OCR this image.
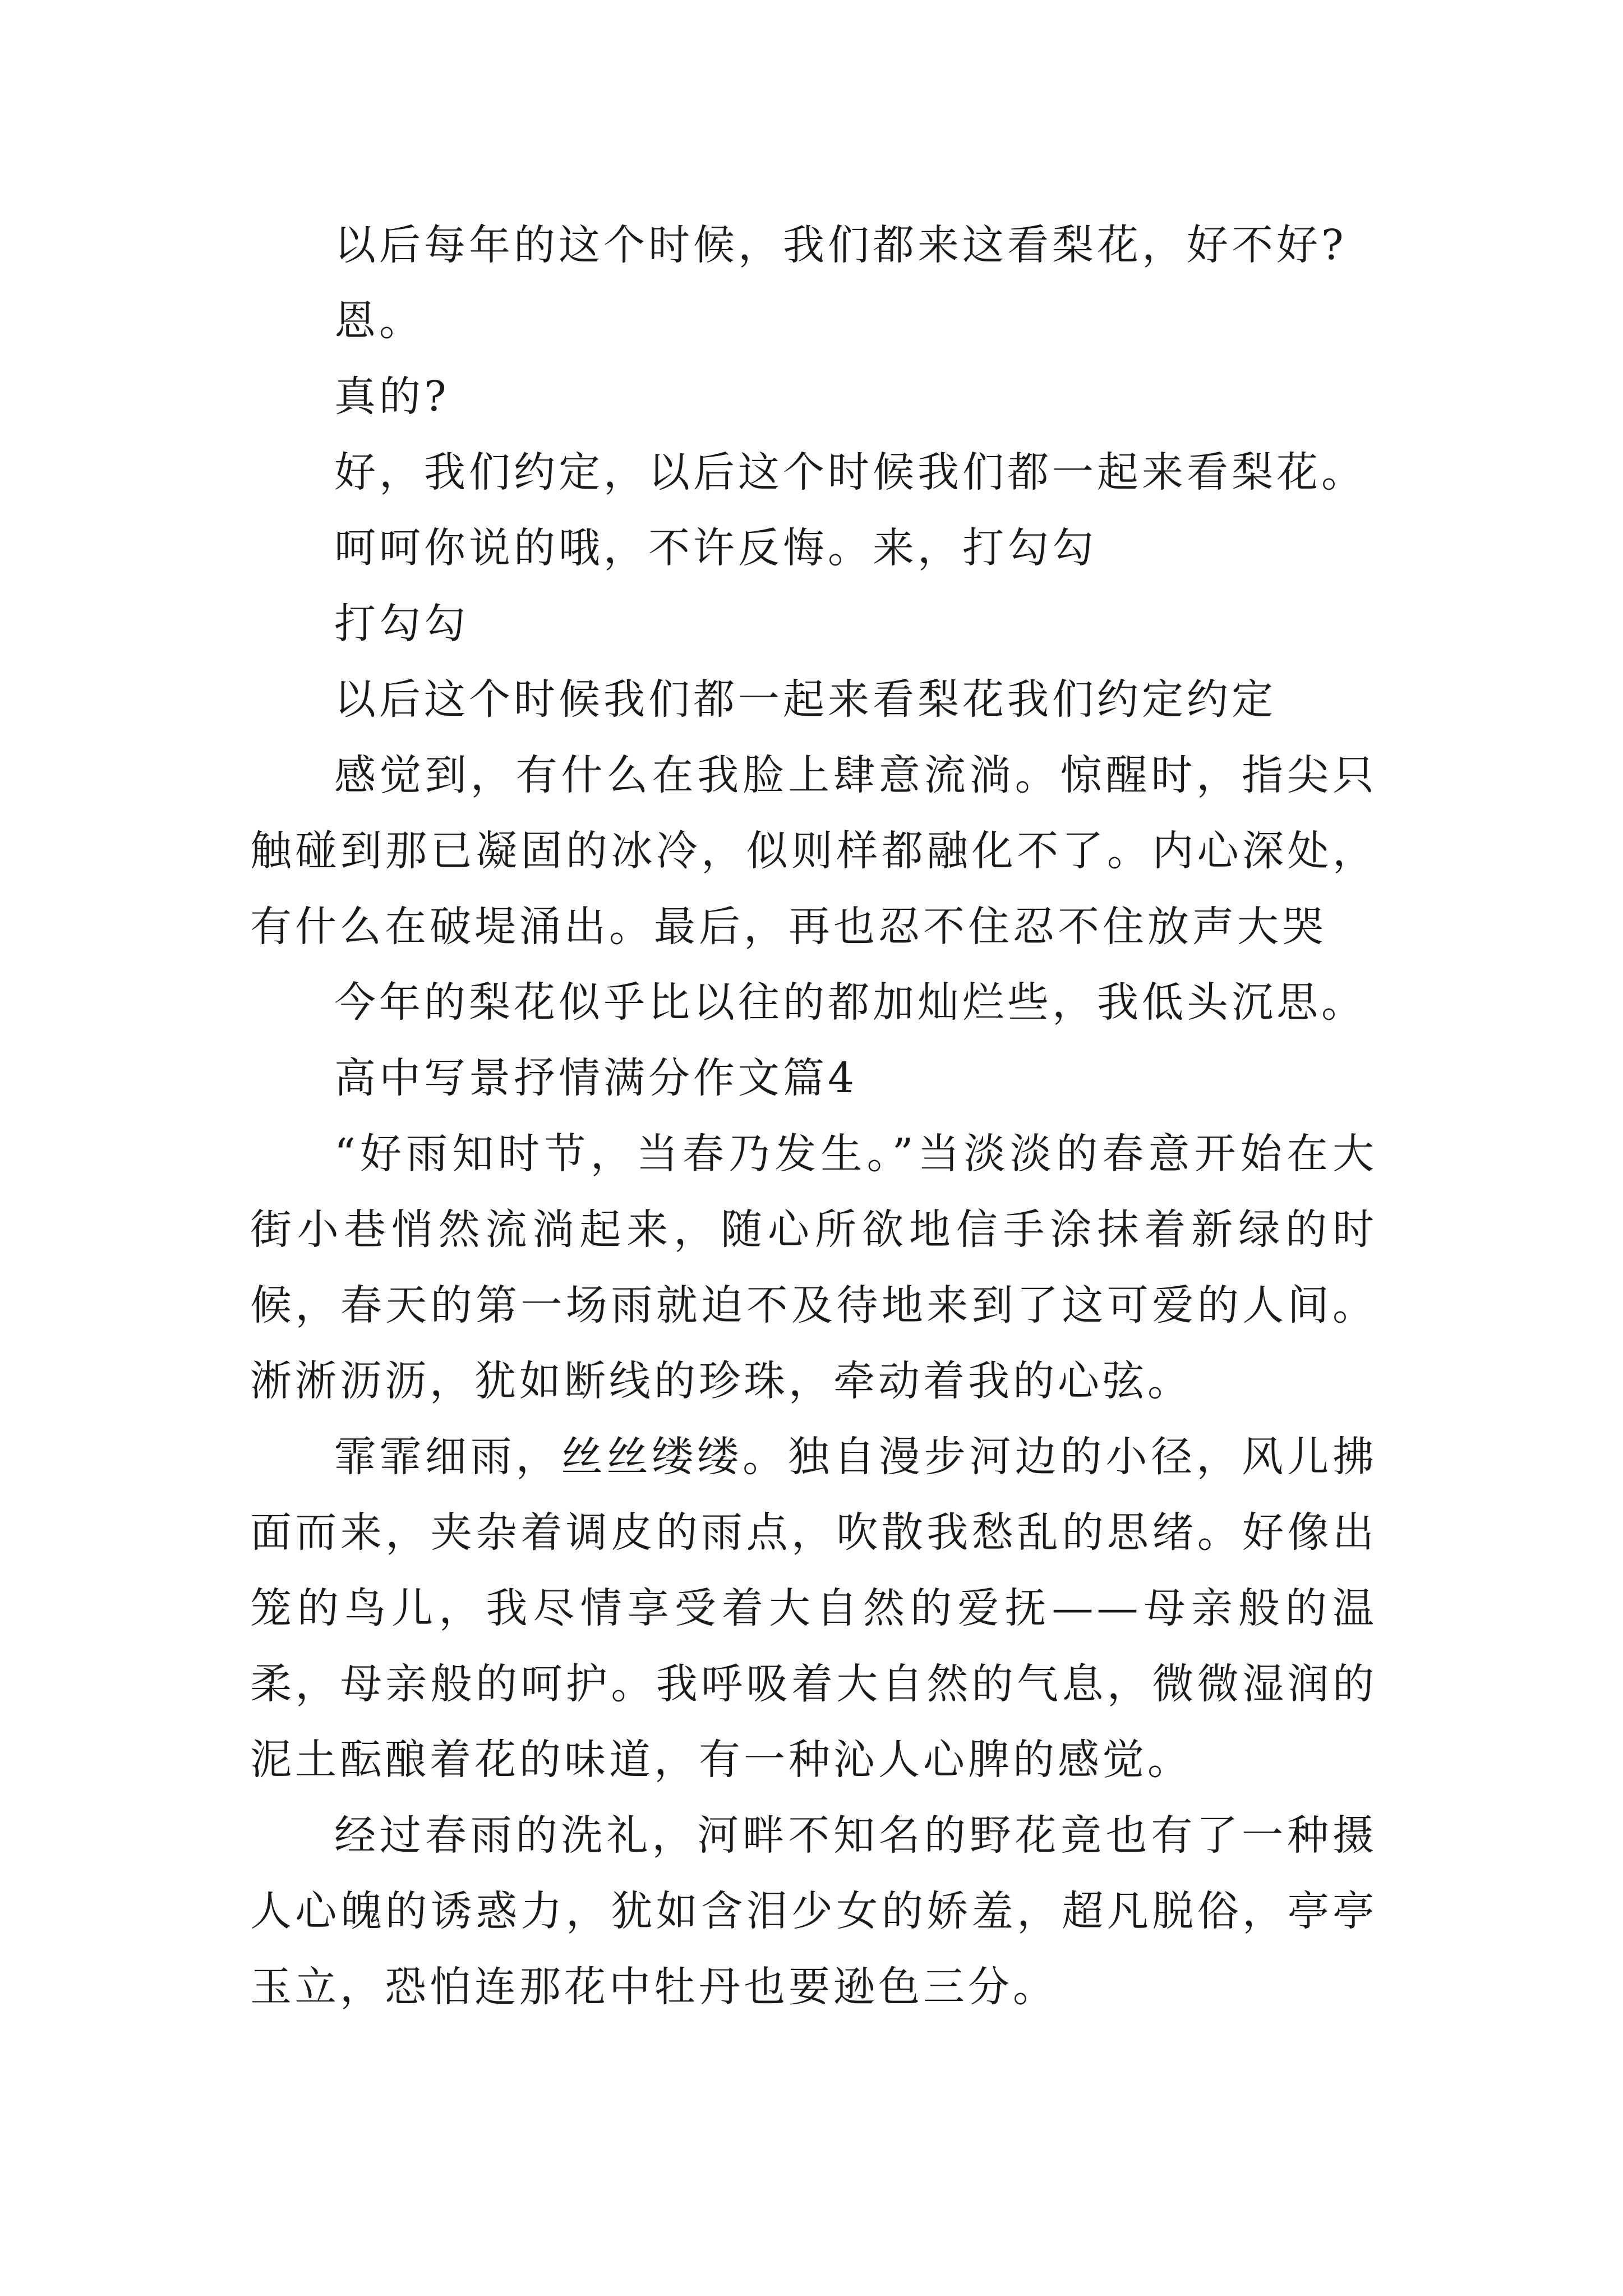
以后每年的这个时候，我们都来这看梨花，好不好?

恩。

真的?

好，我们约定，以后这个时候我们都一起来看梨花。

呵呵你说的哦，不许反悔。来，打勾勾

打勾勾

以后这个时候我们都一起来看梨花我们约定约定

感觉到，有什么在我脸上肆意流淌。惊醒时，指尖只触碰到那已凝固的冰冷，似则样都融化不了。内心深处，有什么在破堤涌出。最后，再也忍不住忍不住放声大哭

今年的梨花似乎比以往的都加灿烂些，我低头沉思。

高中写景抒情满分作文篇4

“好雨知时节，当春乃发生。”当淡淡的春意开始在大街小巷悄然流淌起来，随心所欲地信手涂抹着新绿的时候，春天的第一场雨就迫不及待地来到了这可爱的人间。淅淅沥沥，犹如断线的珍珠，牵动着我的心弦。

霏霏细雨，丝丝缕缕。独自漫步河边的小径，风儿拂面而来，夹杂着调皮的雨点，吹散我愁乱的思绪。好像出笼的鸟儿，我尽情享受着大自然的爱抚——母亲般的温柔，母亲般的呵护。我呼吸着大自然的气息，微微湿润的泥土酝酿着花的味道，有一种沁人心脾的感觉。

经过春雨的洗礼，河畔不知名的野花竟也有了一种摄人心魄的诱惑力，犹如含泪少女的娇羞，超凡脱俗，亭亭玉立，恐怕连那花中牡丹也要逊色三分。
